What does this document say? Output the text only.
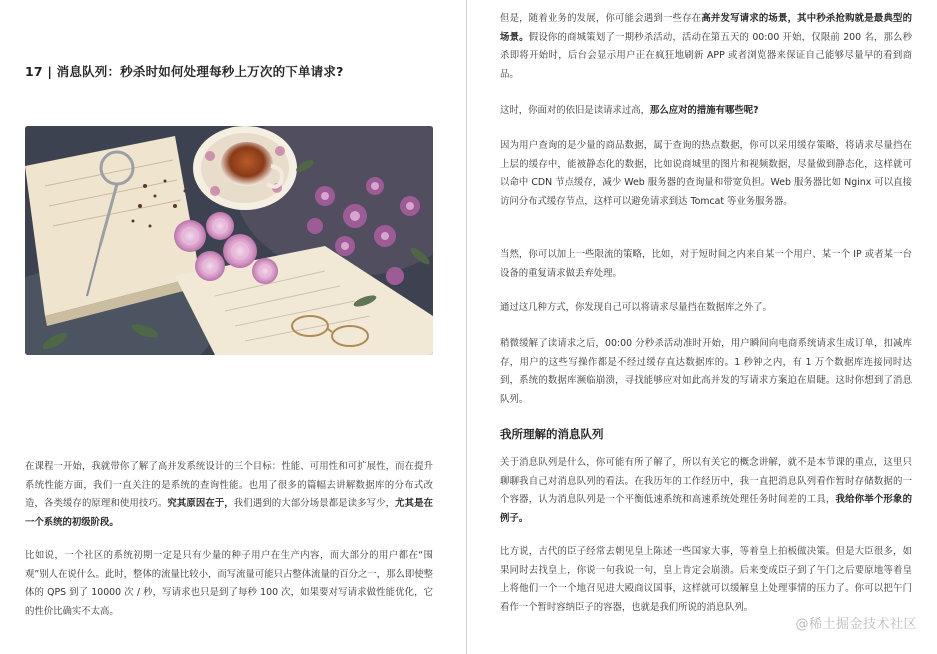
17 | 消息队列：秒杀时如何处理每秒上万次的下单请求?

在课程一开始，我就带你了解了高并发系统设计的三个目标：性能、可用性和可扩展性，而在提升系统性能方面，我们一直关注的是系统的查询性能。也用了很多的篇幅去讲解数据库的分布式改造，各类缓存的原理和使用技巧。究其原因在于，我们遇到的大部分场景都是读多写少，尤其是在一个系统的初级阶段。

比如说，一个社区的系统初期一定是只有少量的种子用户在生产内容，而大部分的用户都在“围观”别人在说什么。此时，整体的流量比较小，而写流量可能只占整体流量的百分之一，那么即使整体的 QPS 到了 10000 次 / 秒，写请求也只是到了每秒 100 次，如果要对写请求做性能优化，它的性价比确实不太高。

但是，随着业务的发展，你可能会遇到一些存在高并发写请求的场景，其中秒杀抢购就是最典型的场景。假设你的商城策划了一期秒杀活动，活动在第五天的 00:00 开始，仅限前 200 名，那么秒杀即将开始时，后台会显示用户正在疯狂地刷新 APP 或者浏览器来保证自己能够尽量早的看到商品。

这时，你面对的依旧是读请求过高，那么应对的措施有哪些呢?

因为用户查询的是少量的商品数据，属于查询的热点数据，你可以采用缓存策略，将请求尽量挡在上层的缓存中，能被静态化的数据，比如说商城里的图片和视频数据，尽量做到静态化，这样就可以命中 CDN 节点缓存，减少 Web 服务器的查询量和带宽负担。Web 服务器比如 Nginx 可以直接访问分布式缓存节点，这样可以避免请求到达 Tomcat 等业务服务器。

当然，你可以加上一些限流的策略，比如，对于短时间之内来自某一个用户、某一个 IP 或者某一台设备的重复请求做丢弃处理。

通过这几种方式，你发现自己可以将请求尽量挡在数据库之外了。

稍微缓解了读请求之后，00:00 分秒杀活动准时开始，用户瞬间向电商系统请求生成订单，扣减库存，用户的这些写操作都是不经过缓存直达数据库的。1 秒钟之内，有 1 万个数据库连接同时达到，系统的数据库濒临崩溃，寻找能够应对如此高并发的写请求方案迫在眉睫。这时你想到了消息队列。

我所理解的消息队列

关于消息队列是什么，你可能有所了解了，所以有关它的概念讲解，就不是本节课的重点，这里只聊聊我自己对消息队列的看法。在我历年的工作经历中，我一直把消息队列看作暂时存储数据的一个容器，认为消息队列是一个平衡低速系统和高速系统处理任务时间差的工具，我给你举个形象的例子。

比方说，古代的臣子经常去朝见皇上陈述一些国家大事，等着皇上拍板做决策。但是大臣很多，如果同时去找皇上，你说一句我说一句，皇上肯定会崩溃。后来变成臣子到了午门之后要原地等着皇上将他们一个一个地召见进大殿商议国事，这样就可以缓解皇上处理事情的压力了。你可以把午门看作一个暂时容纳臣子的容器，也就是我们所说的消息队列。

@稀土掘金技术社区
